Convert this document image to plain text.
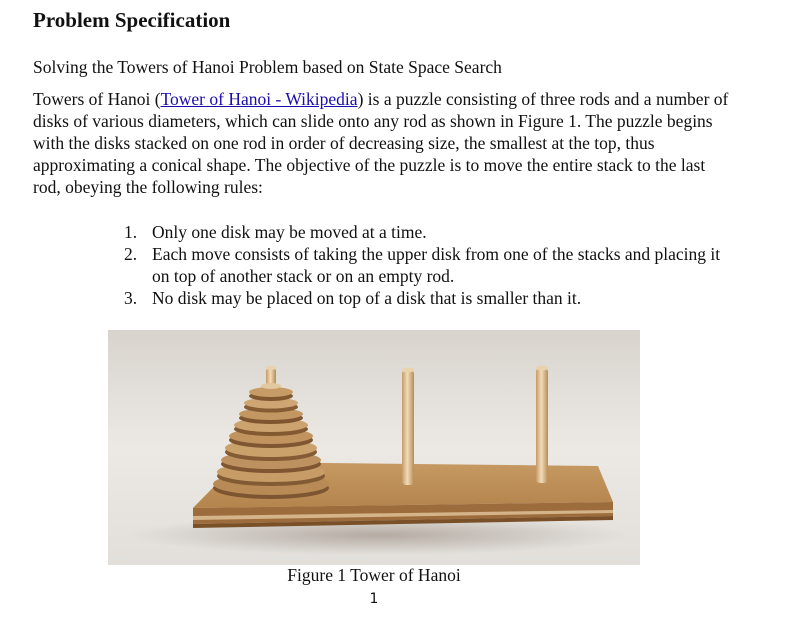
Problem Specification

Solving the Towers of Hanoi Problem based on State Space Search

Towers of Hanoi (Tower of Hanoi - Wikipedia) is a puzzle consisting of three rods and a number of disks of various diameters, which can slide onto any rod as shown in Figure 1. The puzzle begins with the disks stacked on one rod in order of decreasing size, the smallest at the top, thus approximating a conical shape. The objective of the puzzle is to move the entire stack to the last rod, obeying the following rules:

1. Only one disk may be moved at a time.
2. Each move consists of taking the upper disk from one of the stacks and placing it on top of another stack or on an empty rod.
3. No disk may be placed on top of a disk that is smaller than it.

Figure 1 Tower of Hanoi

1
